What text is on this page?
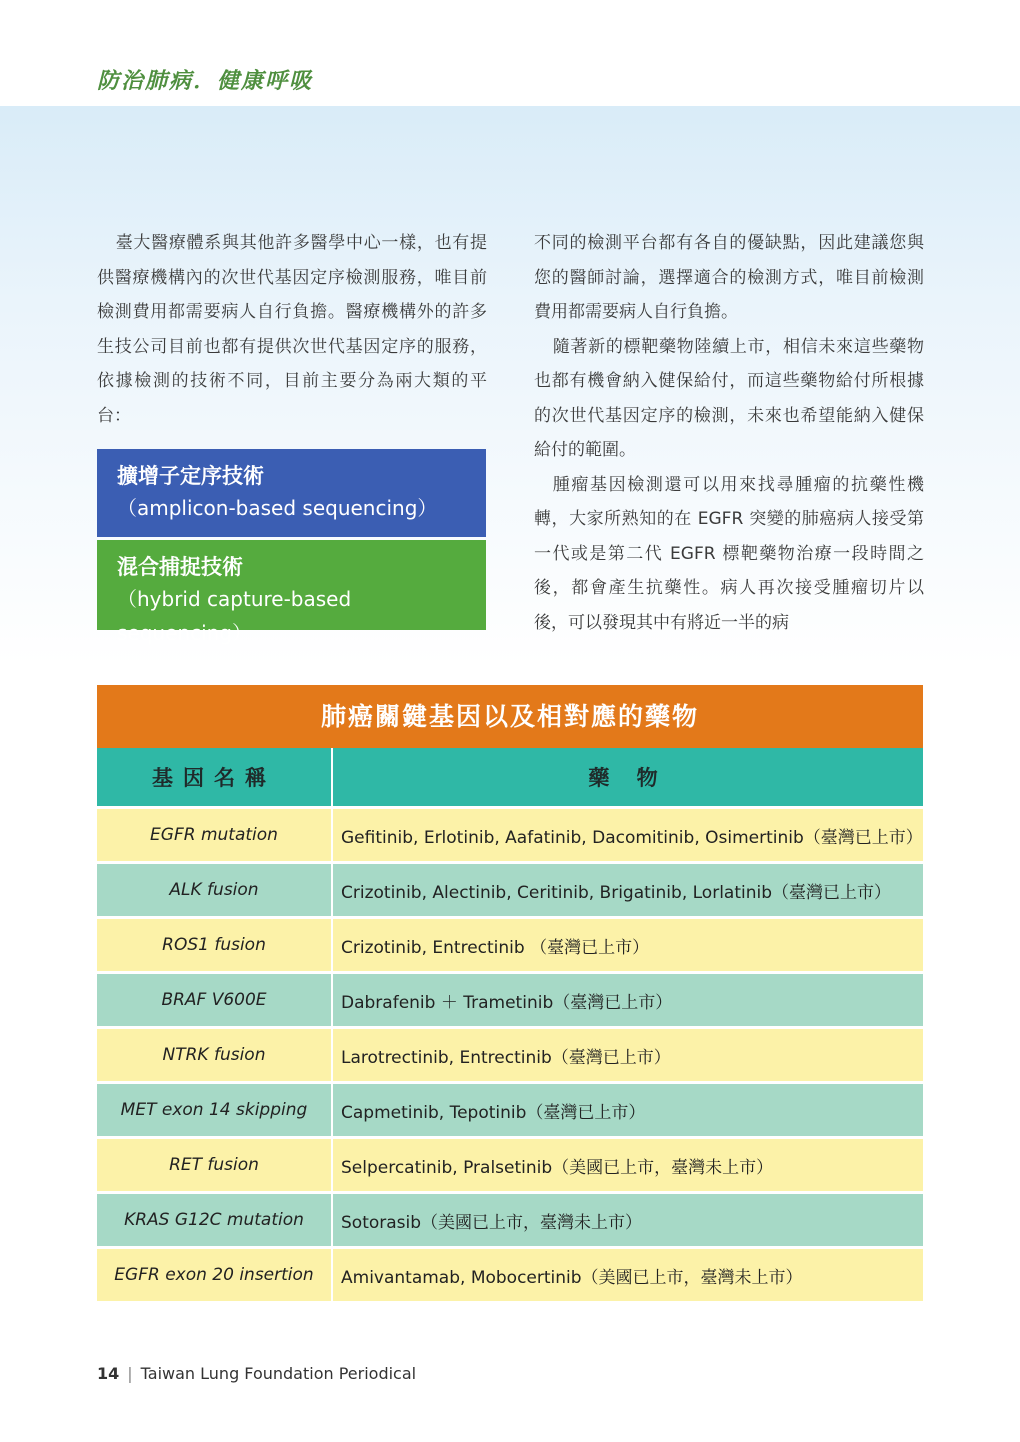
防治肺病．健康呼吸

臺大醫療體系與其他許多醫學中心一樣，也有提供醫療機構內的次世代基因定序檢測服務，唯目前檢測費用都需要病人自行負擔。醫療機構外的許多生技公司目前也都有提供次世代基因定序的服務，依據檢測的技術不同，目前主要分為兩大類的平台：

擴增子定序技術
（amplicon-based sequencing）
混合捕捉技術
（hybrid capture-based sequencing）

不同的檢測平台都有各自的優缺點，因此建議您與您的醫師討論，選擇適合的檢測方式，唯目前檢測費用都需要病人自行負擔。

隨著新的標靶藥物陸續上市，相信未來這些藥物也都有機會納入健保給付，而這些藥物給付所根據的次世代基因定序的檢測，未來也希望能納入健保給付的範圍。

腫瘤基因檢測還可以用來找尋腫瘤的抗藥性機轉，大家所熟知的在 EGFR 突變的肺癌病人接受第一代或是第二代 EGFR 標靶藥物治療一段時間之後，都會產生抗藥性。病人再次接受腫瘤切片以後，可以發現其中有將近一半的病

肺癌關鍵基因以及相對應的藥物
基因名稱	藥 物
EGFR mutation	Gefitinib, Erlotinib, Aafatinib, Dacomitinib, Osimertinib（臺灣已上市）
ALK fusion	Crizotinib, Alectinib, Ceritinib, Brigatinib, Lorlatinib（臺灣已上市）
ROS1 fusion	Crizotinib, Entrectinib （臺灣已上市）
BRAF V600E	Dabrafenib ＋ Trametinib（臺灣已上市）
NTRK fusion	Larotrectinib, Entrectinib（臺灣已上市）
MET exon 14 skipping	Capmetinib, Tepotinib（臺灣已上市）
RET fusion	Selpercatinib, Pralsetinib（美國已上市，臺灣未上市）
KRAS G12C mutation	Sotorasib（美國已上市，臺灣未上市）
EGFR exon 20 insertion	Amivantamab, Mobocertinib（美國已上市，臺灣未上市）
14 | Taiwan Lung Foundation Periodical
